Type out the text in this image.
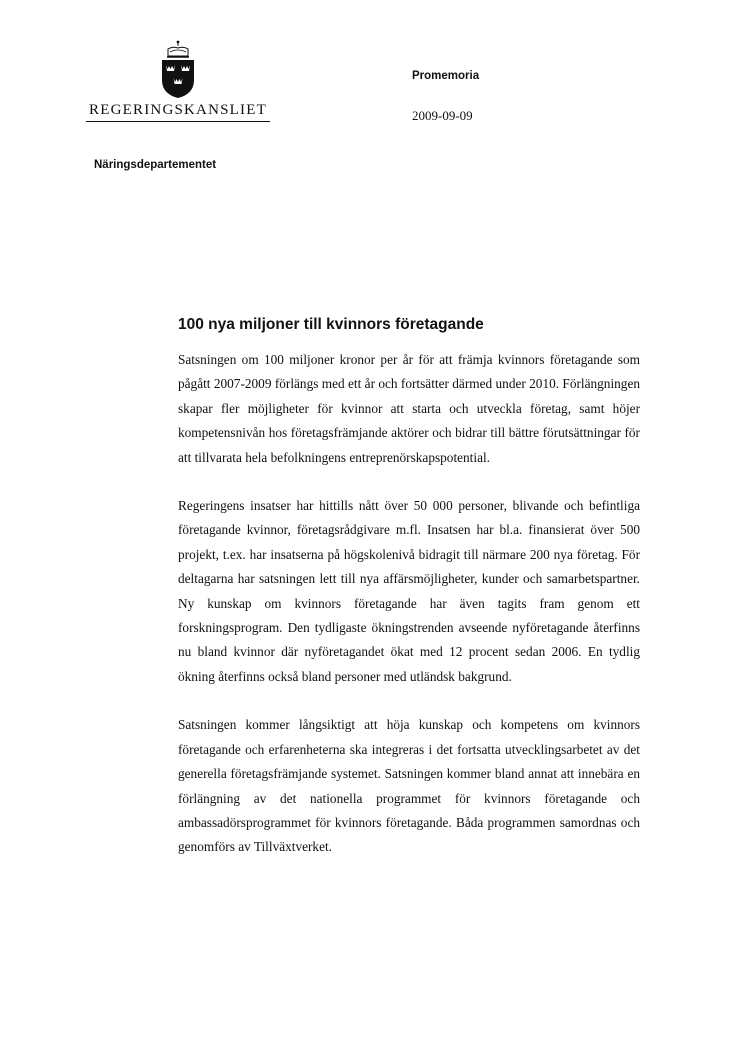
REGERINGSKANSLIET
Promemoria
2009-09-09
Näringsdepartementet
100 nya miljoner till kvinnors företagande

Satsningen om 100 miljoner kronor per år för att främja kvinnors företagande som pågått 2007-2009 förlängs med ett år och fortsätter därmed under 2010. Förlängningen skapar fler möjligheter för kvinnor att starta och utveckla företag, samt höjer kompetensnivån hos företagsfrämjande aktörer och bidrar till bättre förutsättningar för att tillvarata hela befolkningens entreprenörskapspotential.

Regeringens insatser har hittills nått över 50 000 personer, blivande och befintliga företagande kvinnor, företagsrådgivare m.fl. Insatsen har bl.a. finansierat över 500 projekt, t.ex. har insatserna på högskolenivå bidragit till närmare 200 nya företag. För deltagarna har satsningen lett till nya affärsmöjligheter, kunder och samarbetspartner. Ny kunskap om kvinnors företagande har även tagits fram genom ett forskningsprogram. Den tydligaste ökningstrenden avseende nyföretagande återfinns nu bland kvinnor där nyföretagandet ökat med 12 procent sedan 2006. En tydlig ökning återfinns också bland personer med utländsk bakgrund.

Satsningen kommer långsiktigt att höja kunskap och kompetens om kvinnors företagande och erfarenheterna ska integreras i det fortsatta utvecklingsarbetet av det generella företagsfrämjande systemet. Satsningen kommer bland annat att innebära en förlängning av det nationella programmet för kvinnors företagande och ambassadörsprogrammet för kvinnors företagande. Båda programmen samordnas och genomförs av Tillväxtverket.
